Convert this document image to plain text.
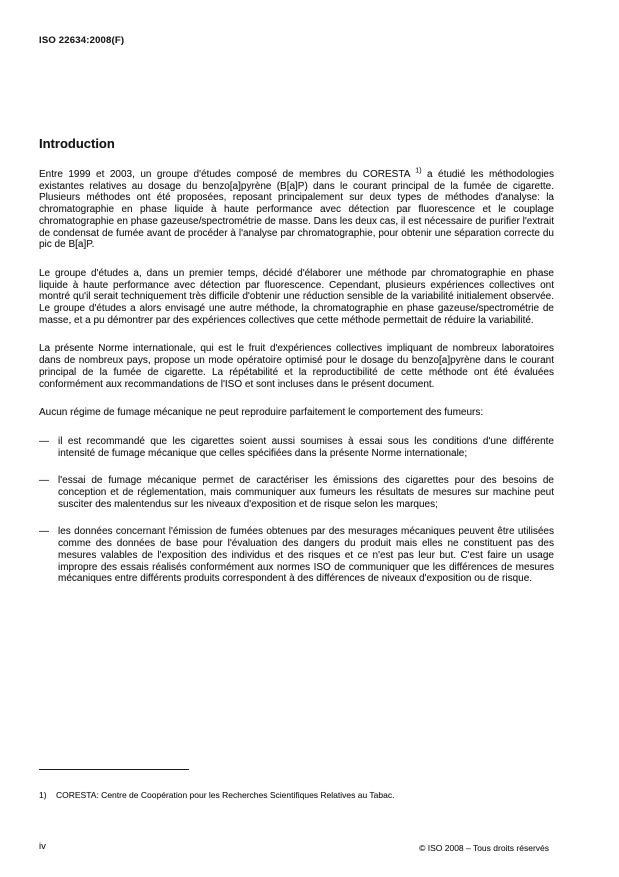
ISO 22634:2008(F)
Introduction

Entre 1999 et 2003, un groupe d'études composé de membres du CORESTA $^{1)}$ a étudié les méthodologies existantes relatives au dosage du benzo[a]pyrène (B[a]P) dans le courant principal de la fumée de cigarette. Plusieurs méthodes ont été proposées, reposant principalement sur deux types de méthodes d'analyse: la chromatographie en phase liquide à haute performance avec détection par fluorescence et le couplage chromatographie en phase gazeuse/spectrométrie de masse. Dans les deux cas, il est nécessaire de purifier l'extrait de condensat de fumée avant de procéder à l'analyse par chromatographie, pour obtenir une séparation correcte du pic de B[a]P.

Le groupe d'études a, dans un premier temps, décidé d'élaborer une méthode par chromatographie en phase liquide à haute performance avec détection par fluorescence. Cependant, plusieurs expériences collectives ont montré qu'il serait techniquement très difficile d'obtenir une réduction sensible de la variabilité initialement observée. Le groupe d'études a alors envisagé une autre méthode, la chromatographie en phase gazeuse/spectrométrie de masse, et a pu démontrer par des expériences collectives que cette méthode permettait de réduire la variabilité.

La présente Norme internationale, qui est le fruit d'expériences collectives impliquant de nombreux laboratoires dans de nombreux pays, propose un mode opératoire optimisé pour le dosage du benzo[a]pyrène dans le courant principal de la fumée de cigarette. La répétabilité et la reproductibilité de cette méthode ont été évaluées conformément aux recommandations de l'ISO et sont incluses dans le présent document.

Aucun régime de fumage mécanique ne peut reproduire parfaitement le comportement des fumeurs:

— il est recommandé que les cigarettes soient aussi soumises à essai sous les conditions d'une différente intensité de fumage mécanique que celles spécifiées dans la présente Norme internationale;
— l'essai de fumage mécanique permet de caractériser les émissions des cigarettes pour des besoins de conception et de réglementation, mais communiquer aux fumeurs les résultats de mesures sur machine peut susciter des malentendus sur les niveaux d'exposition et de risque selon les marques;
— les données concernant l'émission de fumées obtenues par des mesurages mécaniques peuvent être utilisées comme des données de base pour l'évaluation des dangers du produit mais elles ne constituent pas des mesures valables de l'exposition des individus et des risques et ce n'est pas leur but. C'est faire un usage impropre des essais réalisés conformément aux normes ISO de communiquer que les différences de mesures mécaniques entre différents produits correspondent à des différences de niveaux d'exposition ou de risque.
1) CORESTA: Centre de Coopération pour les Recherches Scientifiques Relatives au Tabac.
iv	© ISO 2008 – Tous droits réservés
